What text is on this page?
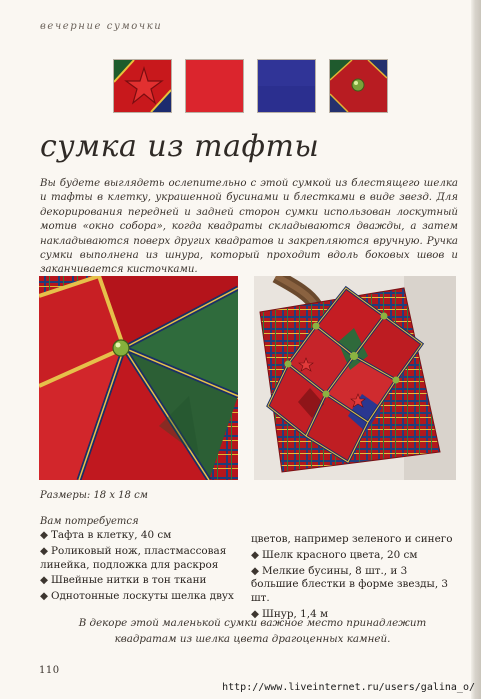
вечерние сумочки
сумка из тафты

Вы будете выглядеть ослепительно с этой сумкой из блестящего шелка и тафты в клетку, украшенной бусинами и блестками в виде звезд. Для декорирования передней и задней сторон сумки использован лоскутный мотив «окно собора», когда квадраты складываются дважды, а затем накладываются поверх других квадратов и закрепляются вручную. Ручка сумки выполнена из шнура, который проходит вдоль боковых швов и заканчивается кисточками.

Размеры: 18 х 18 см
Вам потребуется

◆ Тафта в клетку, 40 см

◆ Роликовый нож, пластмассовая линейка, подложка для раскроя

◆ Швейные нитки в тон ткани

◆ Однотонные лоскуты шелка двух

цветов, например зеленого и синего

◆ Шелк красного цвета, 20 см

◆ Мелкие бусины, 8 шт., и 3 большие блестки в форме звезды, 3 шт.

◆ Шнур, 1,4 м

В декоре этой маленькой сумки важное место принадлежит квадратам из шелка цвета драгоценных камней.

110
http://www.liveinternet.ru/users/galina_o/
